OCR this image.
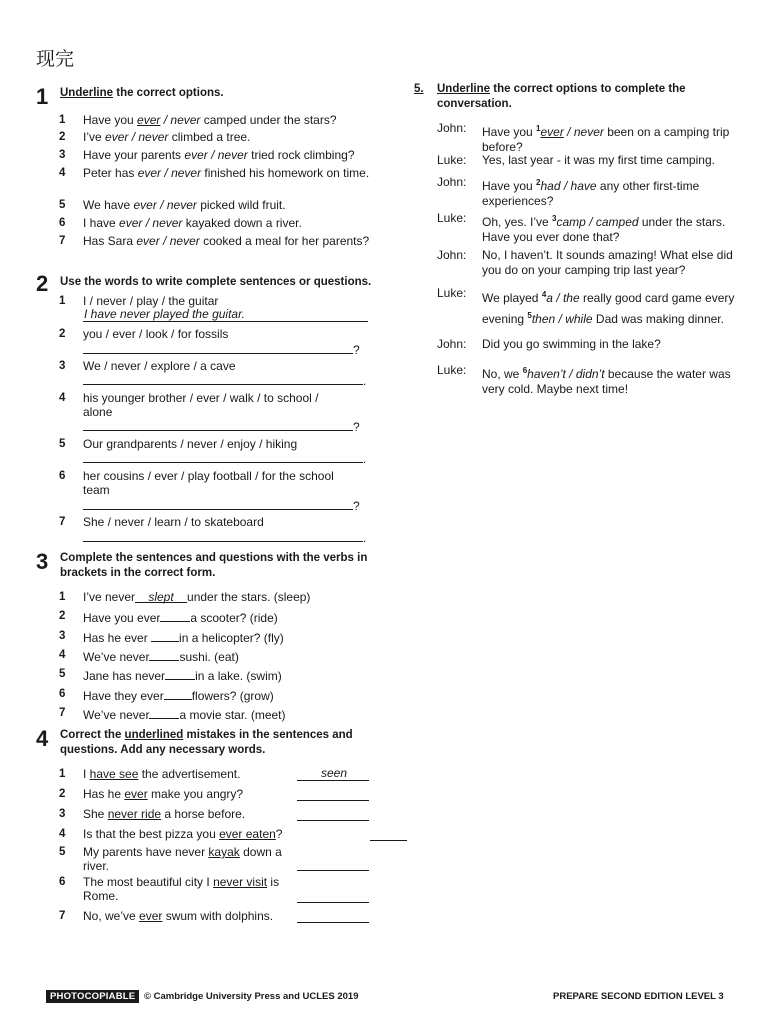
现完
1 Underline the correct options.
1 Have you ever / never camped under the stars?
2 I’ve ever / never climbed a tree.
3 Have your parents ever / never tried rock climbing?
4 Peter has ever / never finished his homework on time.
5 We have ever / never picked wild fruit.
6 I have ever / never kayaked down a river.
7 Has Sara ever / never cooked a meal for her parents?
2 Use the words to write complete sentences or questions.
1 I / never / play / the guitar
I have never played the guitar.
2 you / ever / look / for fossils
?
3 We / never / explore / a cave
.
4 his younger brother / ever / walk / to school / alone
?
5 Our grandparents / never / enjoy / hiking
.
6 her cousins / ever / play football / for the school team
?
7 She / never / learn / to skateboard
.
3 Complete the sentences and questions with the verbs in brackets in the correct form.
1 I’ve never slept under the stars. (sleep)
2 Have you ever	a scooter? (ride)
3 Has he ever in a helicopter? (fly)
4 We’ve never	sushi. (eat)
5 Jane has never	in a lake. (swim)
6 Have they ever flowers? (grow)
7 We’ve never	a movie star. (meet)
4 Correct the underlined mistakes in the sentences and questions. Add any necessary words.
1 I have see the advertisement.	seen
2 Has he ever make you angry?
3 She never ride a horse before.
4 Is that the best pizza you ever eaten?
5 My parents have never kayak down a river.
6 The most beautiful city I never visit is Rome.
7 No, we’ve ever swum with dolphins.
5. Underline the correct options to complete the conversation.
John:	Have you $^1$ever / never been on a camping trip before?
Luke:	Yes, last year - it was my first time camping.
John:	Have you $^2$had / have any other first-time experiences?
Luke:	Oh, yes. I’ve $^3$camp / camped under the stars. Have you ever done that?
John:	No, I haven’t. It sounds amazing! What else did you do on your camping trip last year?
Luke:	We played $^4$a / the really good card game every evening $^5$then / while Dad was making dinner.
John:	Did you go swimming in the lake?
Luke:	No, we $^6$haven’t / didn’t because the water was very cold. Maybe next time!
PHOTOCOPIABLE © Cambridge University Press and UCLES 2019	PREPARE SECOND EDITION LEVEL 3
